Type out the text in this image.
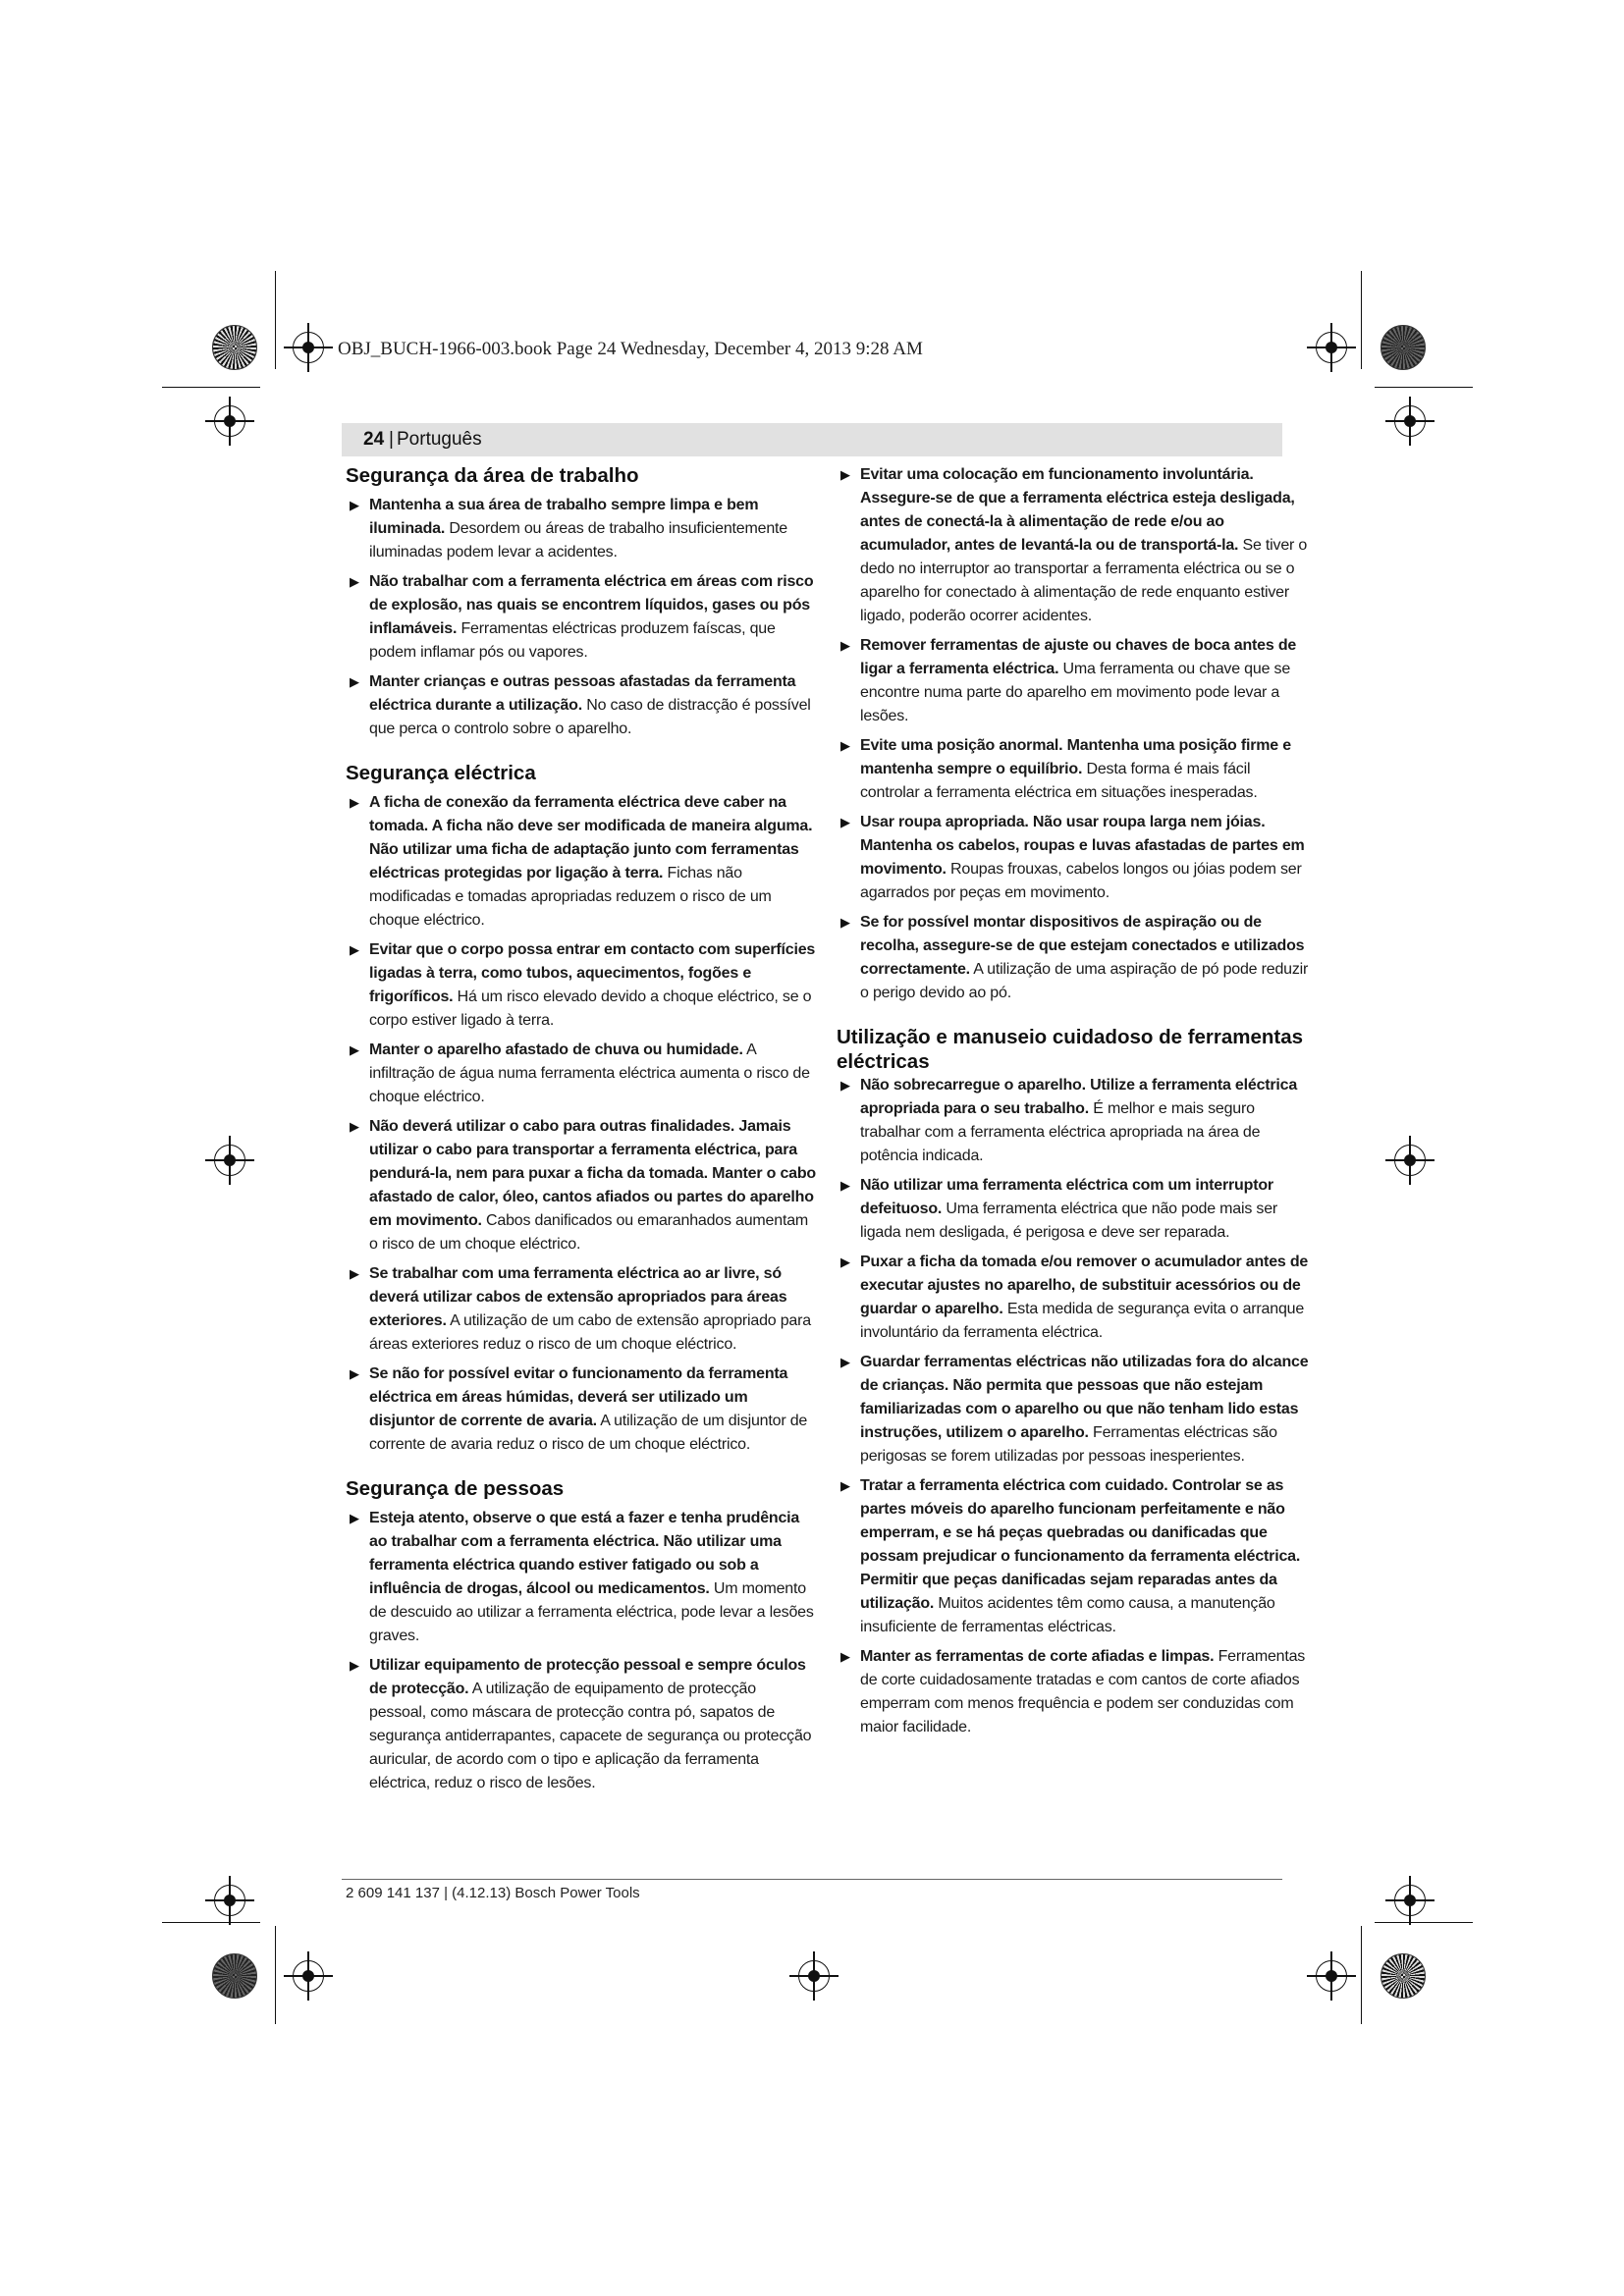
OBJ_BUCH-1966-003.book Page 24 Wednesday, December 4, 2013 9:28 AM
24 | Português
Segurança da área de trabalho

▶ Mantenha a sua área de trabalho sempre limpa e bem iluminada. Desordem ou áreas de trabalho insuficientemente iluminadas podem levar a acidentes.

▶ Não trabalhar com a ferramenta eléctrica em áreas com risco de explosão, nas quais se encontrem líquidos, gases ou pós inflamáveis. Ferramentas eléctricas produzem faíscas, que podem inflamar pós ou vapores.

▶ Manter crianças e outras pessoas afastadas da ferramenta eléctrica durante a utilização. No caso de distracção é possível que perca o controlo sobre o aparelho.

Segurança eléctrica

▶ A ficha de conexão da ferramenta eléctrica deve caber na tomada. A ficha não deve ser modificada de maneira alguma. Não utilizar uma ficha de adaptação junto com ferramentas eléctricas protegidas por ligação à terra. Fichas não modificadas e tomadas apropriadas reduzem o risco de um choque eléctrico.

▶ Evitar que o corpo possa entrar em contacto com superfícies ligadas à terra, como tubos, aquecimentos, fogões e frigoríficos. Há um risco elevado devido a choque eléctrico, se o corpo estiver ligado à terra.

▶ Manter o aparelho afastado de chuva ou humidade. A infiltração de água numa ferramenta eléctrica aumenta o risco de choque eléctrico.

▶ Não deverá utilizar o cabo para outras finalidades. Jamais utilizar o cabo para transportar a ferramenta eléctrica, para pendurá-la, nem para puxar a ficha da tomada. Manter o cabo afastado de calor, óleo, cantos afiados ou partes do aparelho em movimento. Cabos danificados ou emaranhados aumentam o risco de um choque eléctrico.

▶ Se trabalhar com uma ferramenta eléctrica ao ar livre, só deverá utilizar cabos de extensão apropriados para áreas exteriores. A utilização de um cabo de extensão apropriado para áreas exteriores reduz o risco de um choque eléctrico.

▶ Se não for possível evitar o funcionamento da ferramenta eléctrica em áreas húmidas, deverá ser utilizado um disjuntor de corrente de avaria. A utilização de um disjuntor de corrente de avaria reduz o risco de um choque eléctrico.

Segurança de pessoas

▶ Esteja atento, observe o que está a fazer e tenha prudência ao trabalhar com a ferramenta eléctrica. Não utilizar uma ferramenta eléctrica quando estiver fatigado ou sob a influência de drogas, álcool ou medicamentos. Um momento de descuido ao utilizar a ferramenta eléctrica, pode levar a lesões graves.

▶ Utilizar equipamento de protecção pessoal e sempre óculos de protecção. A utilização de equipamento de protecção pessoal, como máscara de protecção contra pó, sapatos de segurança antiderrapantes, capacete de segurança ou protecção auricular, de acordo com o tipo e aplicação da ferramenta eléctrica, reduz o risco de lesões.

▶ Evitar uma colocação em funcionamento involuntária. Assegure-se de que a ferramenta eléctrica esteja desligada, antes de conectá-la à alimentação de rede e/ou ao acumulador, antes de levantá-la ou de transportá-la. Se tiver o dedo no interruptor ao transportar a ferramenta eléctrica ou se o aparelho for conectado à alimentação de rede enquanto estiver ligado, poderão ocorrer acidentes.

▶ Remover ferramentas de ajuste ou chaves de boca antes de ligar a ferramenta eléctrica. Uma ferramenta ou chave que se encontre numa parte do aparelho em movimento pode levar a lesões.

▶ Evite uma posição anormal. Mantenha uma posição firme e mantenha sempre o equilíbrio. Desta forma é mais fácil controlar a ferramenta eléctrica em situações inesperadas.

▶ Usar roupa apropriada. Não usar roupa larga nem jóias. Mantenha os cabelos, roupas e luvas afastadas de partes em movimento. Roupas frouxas, cabelos longos ou jóias podem ser agarrados por peças em movimento.

▶ Se for possível montar dispositivos de aspiração ou de recolha, assegure-se de que estejam conectados e utilizados correctamente. A utilização de uma aspiração de pó pode reduzir o perigo devido ao pó.

Utilização e manuseio cuidadoso de ferramentas eléctricas

▶ Não sobrecarregue o aparelho. Utilize a ferramenta eléctrica apropriada para o seu trabalho. É melhor e mais seguro trabalhar com a ferramenta eléctrica apropriada na área de potência indicada.

▶ Não utilizar uma ferramenta eléctrica com um interruptor defeituoso. Uma ferramenta eléctrica que não pode mais ser ligada nem desligada, é perigosa e deve ser reparada.

▶ Puxar a ficha da tomada e/ou remover o acumulador antes de executar ajustes no aparelho, de substituir acessórios ou de guardar o aparelho. Esta medida de segurança evita o arranque involuntário da ferramenta eléctrica.

▶ Guardar ferramentas eléctricas não utilizadas fora do alcance de crianças. Não permita que pessoas que não estejam familiarizadas com o aparelho ou que não tenham lido estas instruções, utilizem o aparelho. Ferramentas eléctricas são perigosas se forem utilizadas por pessoas inesperientes.

▶ Tratar a ferramenta eléctrica com cuidado. Controlar se as partes móveis do aparelho funcionam perfeitamente e não emperram, e se há peças quebradas ou danificadas que possam prejudicar o funcionamento da ferramenta eléctrica. Permitir que peças danificadas sejam reparadas antes da utilização. Muitos acidentes têm como causa, a manutenção insuficiente de ferramentas eléctricas.

▶ Manter as ferramentas de corte afiadas e limpas. Ferramentas de corte cuidadosamente tratadas e com cantos de corte afiados emperram com menos frequência e podem ser conduzidas com maior facilidade.

2 609 141 137 | (4.12.13) Bosch Power Tools
